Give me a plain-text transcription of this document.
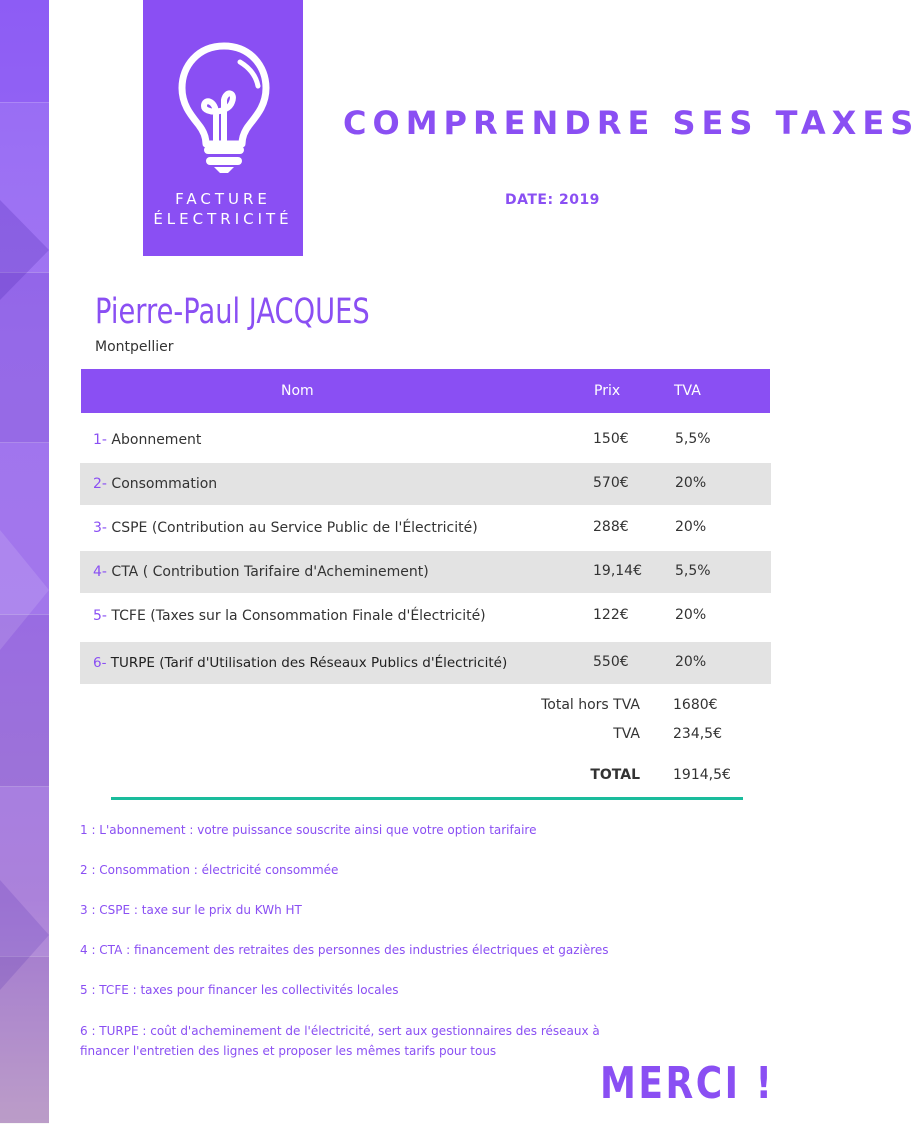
FACTURE
ÉLECTRICITÉ
COMPRENDRE SES TAXES
DATE: 2019
Pierre-Paul JACQUES
Montpellier
Nom	Prix	TVA
1- Abonnement	150€	5,5%
2- Consommation	570€	20%
3- CSPE (Contribution au Service Public de l'Électricité)	288€	20%
4- CTA ( Contribution Tarifaire d'Acheminement)	19,14€ 5,5%
5- TCFE (Taxes sur la Consommation Finale d'Électricité)	122€	20%
6- TURPE (Tarif d'Utilisation des Réseaux Publics d'Électricité)	550€	20%
Total hors TVA 1680€
TVA 234,5€
TOTAL 1914,5€
1 : L'abonnement : votre puissance souscrite ainsi que votre option tarifaire
2 : Consommation : électricité consommée
3 : CSPE : taxe sur le prix du KWh HT
4 : CTA : financement des retraites des personnes des industries électriques et gazières
5 : TCFE : taxes pour financer les collectivités locales
6 : TURPE : coût d'acheminement de l'électricité, sert aux gestionnaires des réseaux à financer l'entretien des lignes et proposer les mêmes tarifs pour tous
MERCI !
